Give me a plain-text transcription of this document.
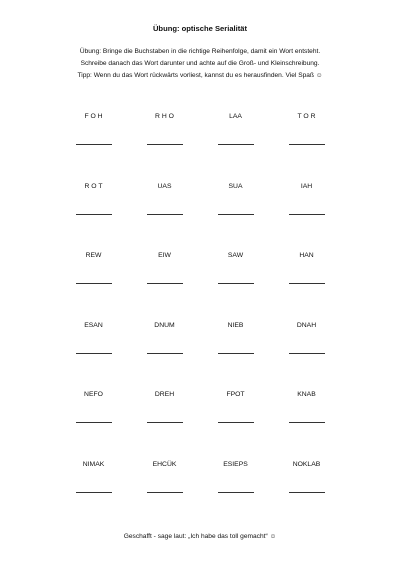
Übung: optische Serialität
Übung: Bringe die Buchstaben in die richtige Reihenfolge, damit ein Wort entsteht.
Schreibe danach das Wort darunter und achte auf die Groß- und Kleinschreibung.
Tipp: Wenn du das Wort rückwärts vorliest, kannst du es herausfinden. Viel Spaß ☺
F O H	R H O	LAA	T O R
R O T	UAS	SUA	IAH
REW	EIW	SAW	HAN
ESAN	DNUM	NIEB	DNAH
NEFO	DREH	FPOT	KNAB
NIMAK	EHCÜK	ESIEPS	NOKLAB
Geschafft - sage laut: „Ich habe das toll gemacht“ ☺
